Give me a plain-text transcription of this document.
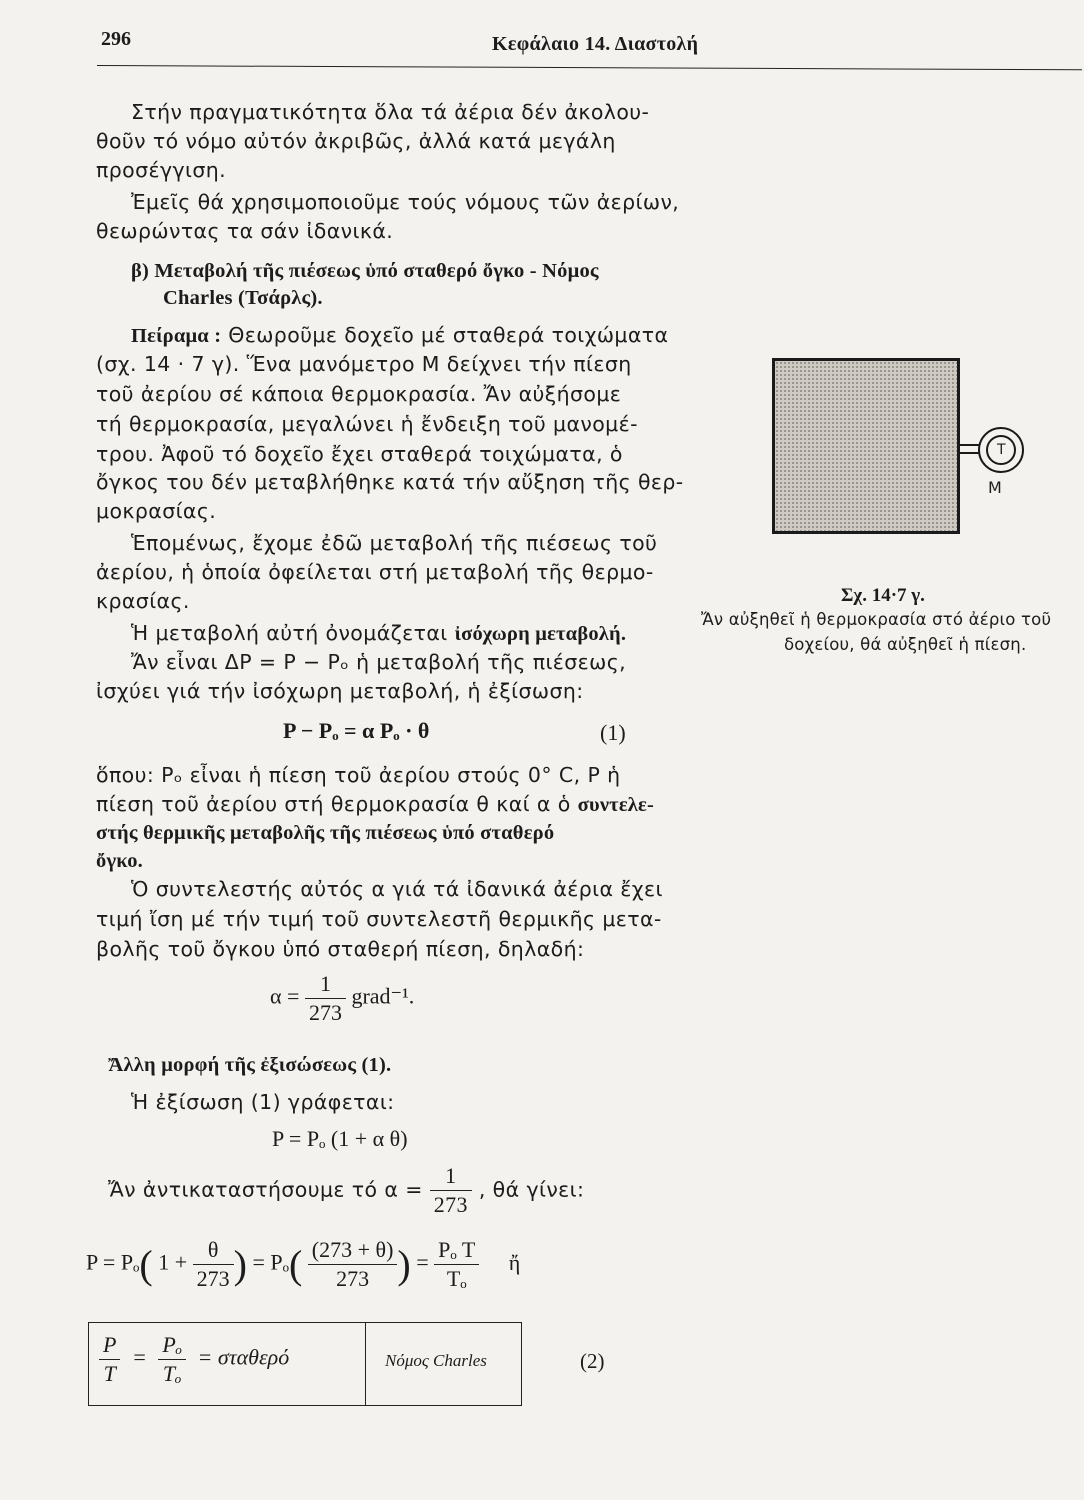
296	Κεφάλαιο 14. Διαστολή

Στήν πραγματικότητα ὅλα τά ἀέρια δέν ἀκολου-

θοῦν τό νόμο αὐτόν ἀκριβῶς, ἀλλά κατά μεγάλη

προσέγγιση.

Ἐμεῖς θά χρησιμοποιοῦμε τούς νόμους τῶν ἀερίων,

θεωρώντας τα σάν ἰδανικά.

β) Μεταβολή τῆς πιέσεως ὑπό σταθερό ὄγκο - Νόμος

Charles (Τσάρλς).

Πείραμα : Θεωροῦμε δοχεῖο μέ σταθερά τοιχώματα

(σχ. 14 · 7 γ). Ἕνα μανόμετρο Μ δείχνει τήν πίεση

τοῦ ἀερίου σέ κάποια θερμοκρασία. Ἄν αὐξήσομε

τή θερμοκρασία, μεγαλώνει ἡ ἔνδειξη τοῦ μανομέ-

τρου. Ἀφοῦ τό δοχεῖο ἔχει σταθερά τοιχώματα, ὁ

ὄγκος του δέν μεταβλήθηκε κατά τήν αὔξηση τῆς θερ-

μοκρασίας.

Ἑπομένως, ἔχομε ἐδῶ μεταβολή τῆς πιέσεως τοῦ

ἀερίου, ἡ ὁποία ὀφείλεται στή μεταβολή τῆς θερμο-

κρασίας.

Ἡ μεταβολή αὐτή ὀνομάζεται ἰσόχωρη μεταβολή.

Ἄν εἶναι ΔP = P − Pₒ ἡ μεταβολή τῆς πιέσεως,

ἰσχύει γιά τήν ἰσόχωρη μεταβολή, ἡ ἐξίσωση:

P − Pₒ = α Pₒ · θ	(1)

ὅπου: Pₒ εἶναι ἡ πίεση τοῦ ἀερίου στούς 0° C, P ἡ

πίεση τοῦ ἀερίου στή θερμοκρασία θ καί α ὁ συντελε-

στής θερμικῆς μεταβολῆς τῆς πιέσεως ὑπό σταθερό

ὄγκο.

Ὁ συντελεστής αὐτός α γιά τά ἰδανικά ἀέρια ἔχει

τιμή ἴση μέ τήν τιμή τοῦ συντελεστῆ θερμικῆς μετα-

βολῆς τοῦ ὄγκου ὑπό σταθερή πίεση, δηλαδή:

$\alpha = \frac{1}{273}$ grad⁻¹.

Ἄλλη μορφή τῆς ἐξισώσεως (1).

Ἡ ἐξίσωση (1) γράφεται:

P = Pₒ (1 + α θ)
Ἄν ἀντικαταστήσουμε τό $\alpha = \frac{1}{273}$ , θά γίνει:
P = Pₒ( $1 + \frac{\theta}{273}$ ) = $P_o( \frac{(273 + \theta)}{273}$ ) = $\frac{\text{Pₒ T}}{\text{Tₒ}}$ ἤ
T
M
Σχ. 14·7 γ.
Ἄν αὐξηθεῖ ἡ θερμοκρασία στό ἀέριο τοῦ
δοχείου, θά αὐξηθεῖ ἡ πίεση.
$\frac{P}{T} = \frac{\text{Pₒ}}{\text{Tₒ}} = \sigma\tau\alpha\theta\varepsilon\rho ό$	Νόμος Charles	(2)
